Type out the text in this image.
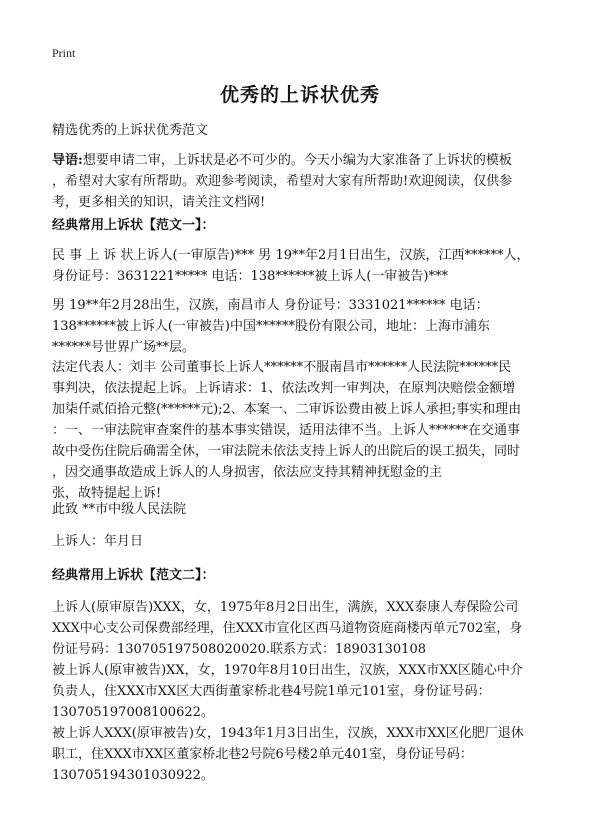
Print
优秀的上诉状优秀
精选优秀的上诉状优秀范文
导语:想要申请二审，上诉状是必不可少的。今天小编为大家准备了上诉状的模板
，希望对大家有所帮助。欢迎参考阅读，希望对大家有所帮助!欢迎阅读，仅供参
考，更多相关的知识，请关注文档网!
经典常用上诉状【范文一】：
民 事 上 诉 状上诉人(一审原告)*** 男 19**年2月1日出生，汉族，江西******人，
身份证号：3631221***** 电话：138******被上诉人(一审被告)***
男 19**年2月28出生，汉族，南昌市人 身份证号：3331021****** 电话：
138******被上诉人(一审被告)中国******股份有限公司，地址：上海市浦东
******号世界广场**层。
法定代表人：刘丰 公司董事长上诉人******不服南昌市******人民法院******民
事判决，依法提起上诉。上诉请求：1、依法改判一审判决，在原判决赔偿金额增
加柒仟贰佰拾元整(******元);2、本案一、二审诉讼费由被上诉人承担;事实和理由
：一、一审法院审查案件的基本事实错误，适用法律不当。上诉人******在交通事
故中受伤住院后确需全休，一审法院未依法支持上诉人的出院后的误工损失，同时
，因交通事故造成上诉人的人身损害，依法应支持其精神抚慰金的主
张，故特提起上诉!
此致 **市中级人民法院
上诉人：年月日
经典常用上诉状【范文二】：
上诉人(原审原告)XXX，女，1975年8月2日出生，满族，XXX泰康人寿保险公司
XXX中心支公司保费部经理，住XXX市宣化区西马道物资庭商楼丙单元702室，身
份证号码：130705197508020020.联系方式：18903130108
被上诉人(原审被告)XX，女，1970年8月10日出生，汉族，XXX市XX区随心中介
负责人，住XXX市XX区大西街董家桥北巷4号院1单元101室，身份证号码：
130705197008100622。
被上诉人XXX(原审被告)女，1943年1月3日出生，汉族，XXX市XX区化肥厂退休
职工，住XXX市XX区董家桥北巷2号院6号楼2单元401室，身份证号码：
130705194301030922。
